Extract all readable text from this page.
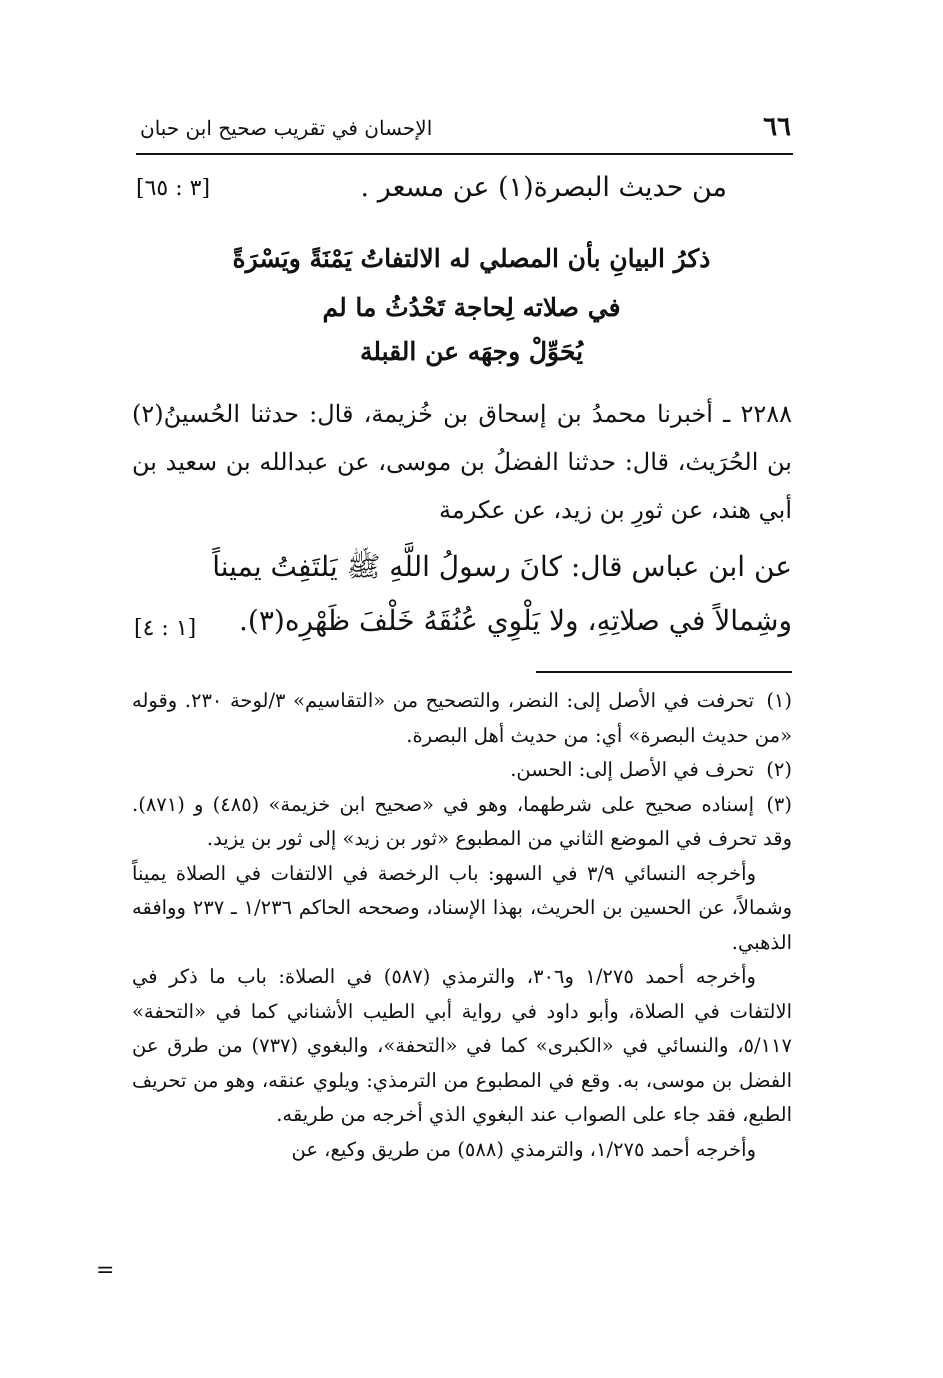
٦٦
الإحسان في تقريب صحيح ابن حبان
من حديث البصرة(١) عن مسعر .
[٣ : ٦٥]
ذكرُ البيانِ بأن المصلي له الالتفاتُ يَمْنَةً ويَسْرَةً
في صلاته لِحاجة تَحْدُثُ ما لم
يُحَوِّلْ وجهَه عن القبلة
٢٢٨٨ ـ أخبرنا محمدُ بن إسحاق بن خُزيمة، قال: حدثنا الحُسينُ(٢) بن الحُرَيث، قال: حدثنا الفضلُ بن موسى، عن عبدالله بن سعيد بن أبي هند، عن ثورِ بن زيد، عن عكرمة
عن ابن عباس قال: كانَ رسولُ اللَّهِ ﷺ يَلتَفِتُ يميناً وشِمالاً في صلاتِهِ، ولا يَلْوِي عُنُقَهُ خَلْفَ ظَهْرِه(٣).
[١ : ٤]

(١)تحرفت في الأصل إلى: النضر، والتصحيح من «التقاسيم» ٣/لوحة ٢٣٠. وقوله «من حديث البصرة» أي: من حديث أهل البصرة.

(٢)تحرف في الأصل إلى: الحسن.

(٣)إسناده صحيح على شرطهما، وهو في «صحيح ابن خزيمة» (٤٨٥) و (٨٧١). وقد تحرف في الموضع الثاني من المطبوع «ثور بن زيد» إلى ثور بن يزيد.

وأخرجه النسائي ٣/٩ في السهو: باب الرخصة في الالتفات في الصلاة يميناً وشمالاً، عن الحسين بن الحريث، بهذا الإسناد، وصححه الحاكم ١/٢٣٦ ـ ٢٣٧ ووافقه الذهبي.

وأخرجه أحمد ١/٢٧٥ و٣٠٦، والترمذي (٥٨٧) في الصلاة: باب ما ذكر في الالتفات في الصلاة، وأبو داود في رواية أبي الطيب الأشناني كما في «التحفة» ٥/١١٧، والنسائي في «الكبرى» كما في «التحفة»، والبغوي (٧٣٧) من طرق عن الفضل بن موسى، به. وقع في المطبوع من الترمذي: ويلوي عنقه، وهو من تحريف الطبع، فقد جاء على الصواب عند البغوي الذي أخرجه من طريقه.

وأخرجه أحمد ١/٢٧٥، والترمذي (٥٨٨) من طريق وكيع، عن

=
